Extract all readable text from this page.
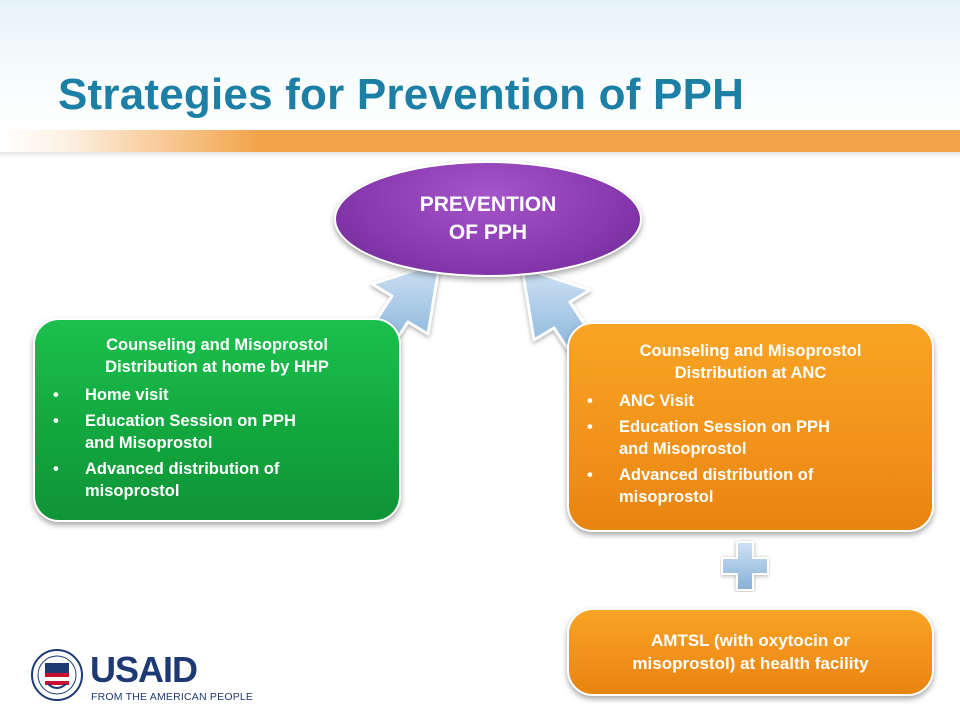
Strategies for Prevention of PPH
PREVENTION
OF PPH
Counseling and Misoprostol
Distribution at home by HHP
•	Home visit
•	Education Session on PPH
and Misoprostol
•	Advanced distribution of
misoprostol
Counseling and Misoprostol
Distribution at ANC
•	ANC Visit
•	Education Session on PPH
and Misoprostol
•	Advanced distribution of
misoprostol
AMTSL (with oxytocin or
misoprostol) at health facility
USAID
FROM THE AMERICAN PEOPLE
